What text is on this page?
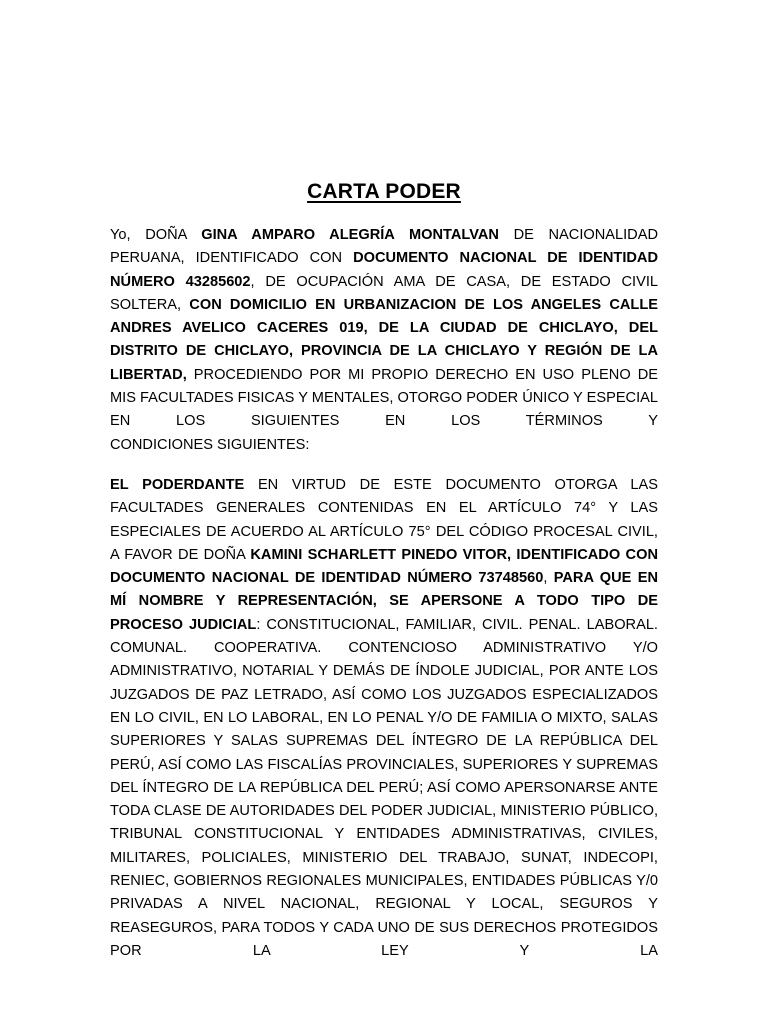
CARTA PODER
Yo, DOÑA GINA AMPARO ALEGRÍA MONTALVAN DE NACIONALIDAD PERUANA, IDENTIFICADO CON DOCUMENTO NACIONAL DE IDENTIDAD NÚMERO 43285602, DE OCUPACIÓN AMA DE CASA, DE ESTADO CIVIL SOLTERA, CON DOMICILIO EN URBANIZACION DE LOS ANGELES CALLE ANDRES AVELICO CACERES 019, DE LA CIUDAD DE CHICLAYO, DEL DISTRITO DE CHICLAYO, PROVINCIA DE LA CHICLAYO Y REGIÓN DE LA LIBERTAD, PROCEDIENDO POR MI PROPIO DERECHO EN USO PLENO DE MIS FACULTADES FISICAS Y MENTALES, OTORGO PODER ÚNICO Y ESPECIAL EN LOS SIGUIENTES EN LOS TÉRMINOS Y
CONDICIONES SIGUIENTES:
EL PODERDANTE EN VIRTUD DE ESTE DOCUMENTO OTORGA LAS FACULTADES GENERALES CONTENIDAS EN EL ARTÍCULO 74° Y LAS ESPECIALES DE ACUERDO AL ARTÍCULO 75° DEL CÓDIGO PROCESAL CIVIL, A FAVOR DE DOÑA KAMINI SCHARLETT PINEDO VITOR, IDENTIFICADO CON DOCUMENTO NACIONAL DE IDENTIDAD NÚMERO 73748560, PARA QUE EN MÍ NOMBRE Y REPRESENTACIÓN, SE APERSONE A TODO TIPO DE PROCESO JUDICIAL: CONSTITUCIONAL, FAMILIAR, CIVIL. PENAL. LABORAL. COMUNAL. COOPERATIVA. CONTENCIOSO ADMINISTRATIVO Y/O ADMINISTRATIVO, NOTARIAL Y DEMÁS DE ÍNDOLE JUDICIAL, POR ANTE LOS JUZGADOS DE PAZ LETRADO, ASÍ COMO LOS JUZGADOS ESPECIALIZADOS EN LO CIVIL, EN LO LABORAL, EN LO PENAL Y/O DE FAMILIA O MIXTO, SALAS SUPERIORES Y SALAS SUPREMAS DEL ÍNTEGRO DE LA REPÚBLICA DEL PERÚ, ASÍ COMO LAS FISCALÍAS PROVINCIALES, SUPERIORES Y SUPREMAS DEL ÍNTEGRO DE LA REPÚBLICA DEL PERÚ; ASÍ COMO APERSONARSE ANTE TODA CLASE DE AUTORIDADES DEL PODER JUDICIAL, MINISTERIO PÚBLICO, TRIBUNAL CONSTITUCIONAL Y ENTIDADES ADMINISTRATIVAS, CIVILES, MILITARES, POLICIALES, MINISTERIO DEL TRABAJO, SUNAT, INDECOPI, RENIEC, GOBIERNOS REGIONALES MUNICIPALES, ENTIDADES PÚBLICAS Y/0 PRIVADAS A NIVEL NACIONAL, REGIONAL Y LOCAL, SEGUROS Y REASEGUROS, PARA TODOS Y CADA UNO DE SUS DERECHOS PROTEGIDOS POR LA LEY Y LA
